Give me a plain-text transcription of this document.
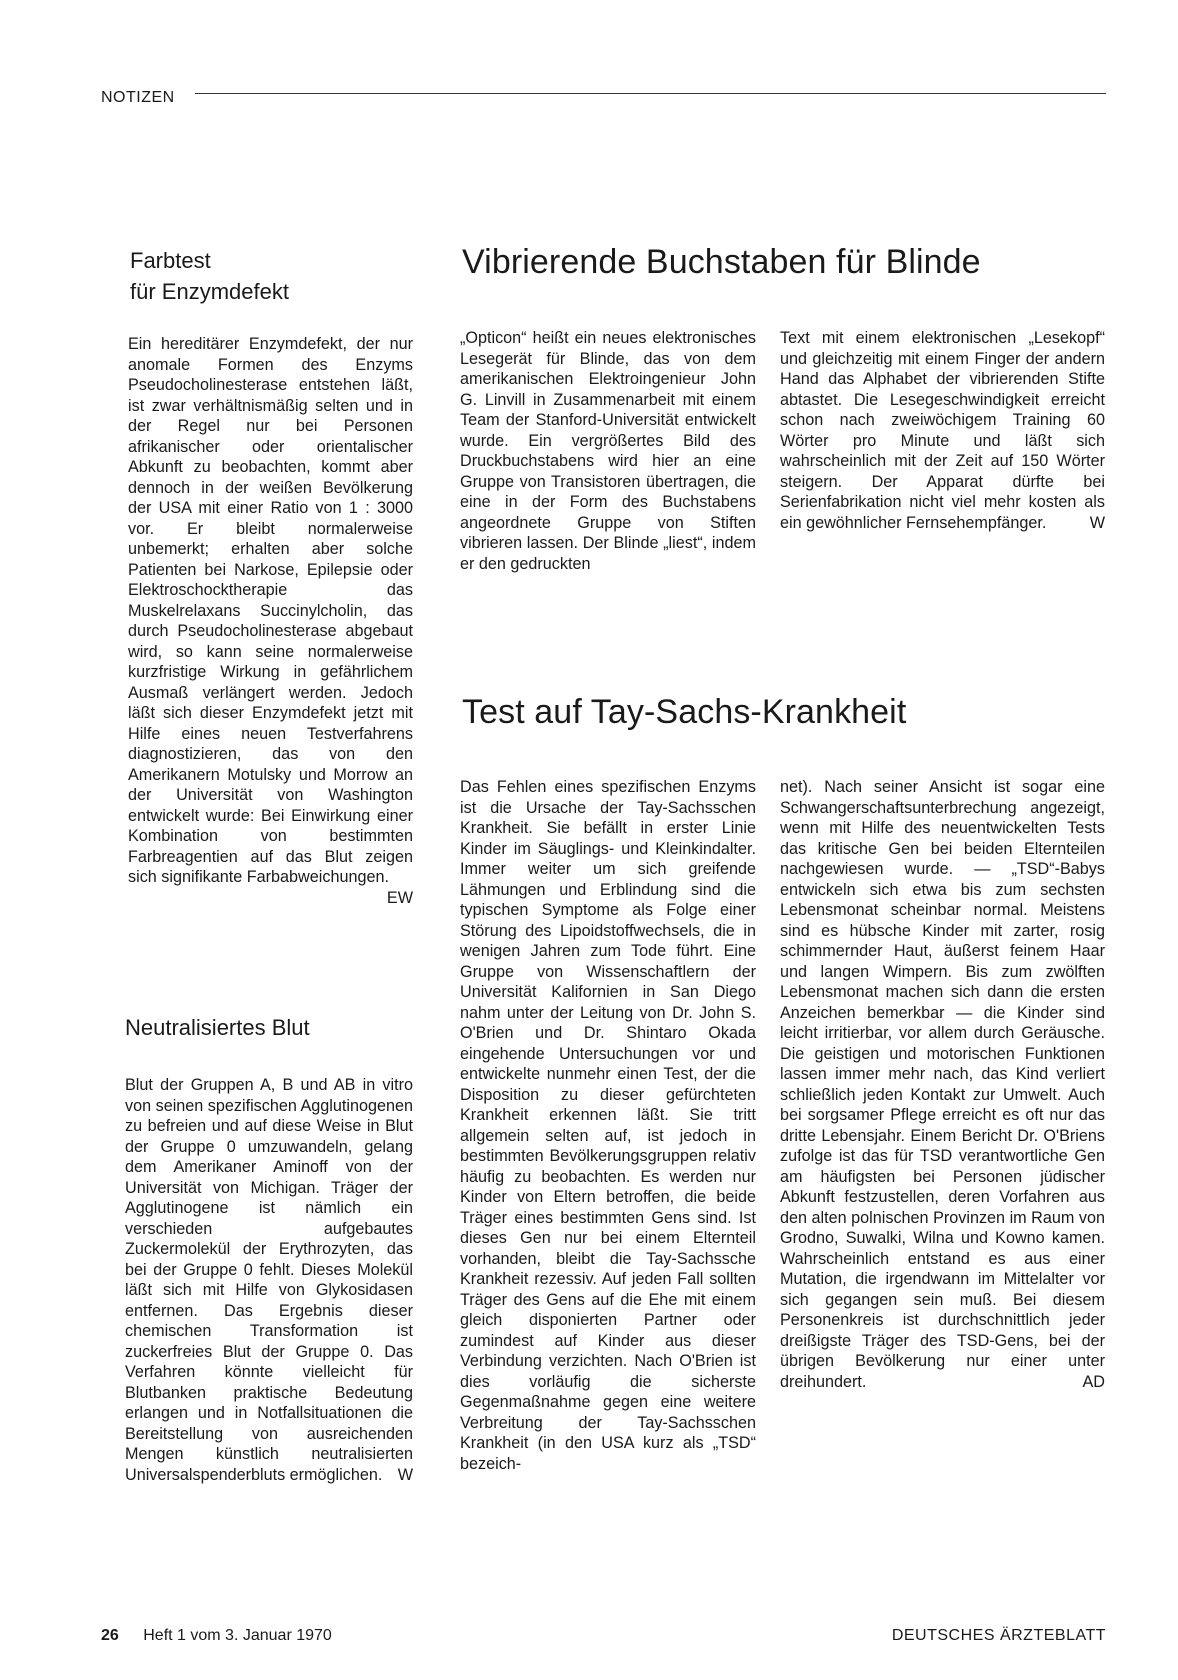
NOTIZEN
Farbtest
für Enzymdefekt

Ein hereditärer Enzymdefekt, der nur anomale Formen des Enzyms Pseudocholinesterase entstehen läßt, ist zwar verhältnismäßig selten und in der Regel nur bei Personen afrikanischer oder orientalischer Abkunft zu beobachten, kommt aber dennoch in der weißen Bevölkerung der USA mit einer Ratio von 1 : 3000 vor. Er bleibt normalerweise unbemerkt; erhalten aber solche Patienten bei Narkose, Epilepsie oder Elektroschocktherapie das Muskelrelaxans Succinylcholin, das durch Pseudocholinesterase abgebaut wird, so kann seine normalerweise kurzfristige Wirkung in gefährlichem Ausmaß verlängert werden. Jedoch läßt sich dieser Enzymdefekt jetzt mit Hilfe eines neuen Testverfahrens diagnostizieren, das von den Amerikanern Motulsky und Morrow an der Universität von Washington entwickelt wurde: Bei Einwirkung einer Kombination von bestimmten Farbreagentien auf das Blut zeigen sich signifikante Farbabweichungen.
EW

Neutralisiertes Blut

Blut der Gruppen A, B und AB in vitro von seinen spezifischen Agglutinogenen zu befreien und auf diese Weise in Blut der Gruppe 0 umzuwandeln, gelang dem Amerikaner Aminoff von der Universität von Michigan. Träger der Agglutinogene ist nämlich ein verschieden aufgebautes Zuckermolekül der Erythrozyten, das bei der Gruppe 0 fehlt. Dieses Molekül läßt sich mit Hilfe von Glykosidasen entfernen. Das Ergebnis dieser chemischen Transformation ist zuckerfreies Blut der Gruppe 0. Das Verfahren könnte vielleicht für Blutbanken praktische Bedeutung erlangen und in Notfallsituationen die Bereitstellung von ausreichenden Mengen künstlich neutralisierten Universalspenderbluts ermöglichen. W

Vibrierende Buchstaben für Blinde

„Opticon“ heißt ein neues elektronisches Lesegerät für Blinde, das von dem amerikanischen Elektroingenieur John G. Linvill in Zusammenarbeit mit einem Team der Stanford-Universität entwickelt wurde. Ein vergrößertes Bild des Druckbuchstabens wird hier an eine Gruppe von Transistoren übertragen, die eine in der Form des Buchstabens angeordnete Gruppe von Stiften vibrieren lassen. Der Blinde „liest“, indem er den gedruckten

Text mit einem elektronischen „Lesekopf“ und gleichzeitig mit einem Finger der andern Hand das Alphabet der vibrierenden Stifte abtastet. Die Lesegeschwindigkeit erreicht schon nach zweiwöchigem Training 60 Wörter pro Minute und läßt sich wahrscheinlich mit der Zeit auf 150 Wörter steigern. Der Apparat dürfte bei Serienfabrikation nicht viel mehr kosten als ein gewöhnlicher Fernsehempfänger.	W

Test auf Tay-Sachs-Krankheit

Das Fehlen eines spezifischen Enzyms ist die Ursache der Tay-Sachsschen Krankheit. Sie befällt in erster Linie Kinder im Säuglings- und Kleinkindalter. Immer weiter um sich greifende Lähmungen und Erblindung sind die typischen Symptome als Folge einer Störung des Lipoidstoffwechsels, die in wenigen Jahren zum Tode führt. Eine Gruppe von Wissenschaftlern der Universität Kalifornien in San Diego nahm unter der Leitung von Dr. John S. O'Brien und Dr. Shintaro Okada eingehende Untersuchungen vor und entwickelte nunmehr einen Test, der die Disposition zu dieser gefürchteten Krankheit erkennen läßt. Sie tritt allgemein selten auf, ist jedoch in bestimmten Bevölkerungsgruppen relativ häufig zu beobachten. Es werden nur Kinder von Eltern betroffen, die beide Träger eines bestimmten Gens sind. Ist dieses Gen nur bei einem Elternteil vorhanden, bleibt die Tay-Sachssche Krankheit rezessiv. Auf jeden Fall sollten Träger des Gens auf die Ehe mit einem gleich disponierten Partner oder zumindest auf Kinder aus dieser Verbindung verzichten. Nach O'Brien ist dies vorläufig die sicherste Gegenmaßnahme gegen eine weitere Verbreitung der Tay-Sachsschen Krankheit (in den USA kurz als „TSD“ bezeich-

net). Nach seiner Ansicht ist sogar eine Schwangerschaftsunterbrechung angezeigt, wenn mit Hilfe des neuentwickelten Tests das kritische Gen bei beiden Elternteilen nachgewiesen wurde. — „TSD“-Babys entwickeln sich etwa bis zum sechsten Lebensmonat scheinbar normal. Meistens sind es hübsche Kinder mit zarter, rosig schimmernder Haut, äußerst feinem Haar und langen Wimpern. Bis zum zwölften Lebensmonat machen sich dann die ersten Anzeichen bemerkbar — die Kinder sind leicht irritierbar, vor allem durch Geräusche. Die geistigen und motorischen Funktionen lassen immer mehr nach, das Kind verliert schließlich jeden Kontakt zur Umwelt. Auch bei sorgsamer Pflege erreicht es oft nur das dritte Lebensjahr. Einem Bericht Dr. O'Briens zufolge ist das für TSD verantwortliche Gen am häufigsten bei Personen jüdischer Abkunft festzustellen, deren Vorfahren aus den alten polnischen Provinzen im Raum von Grodno, Suwalki, Wilna und Kowno kamen. Wahrscheinlich entstand es aus einer Mutation, die irgendwann im Mittelalter vor sich gegangen sein muß. Bei diesem Personenkreis ist durchschnittlich jeder dreißigste Träger des TSD-Gens, bei der übrigen Bevölkerung nur einer unter dreihundert.	AD

26 Heft 1 vom 3. Januar 1970	DEUTSCHES ÄRZTEBLATT
